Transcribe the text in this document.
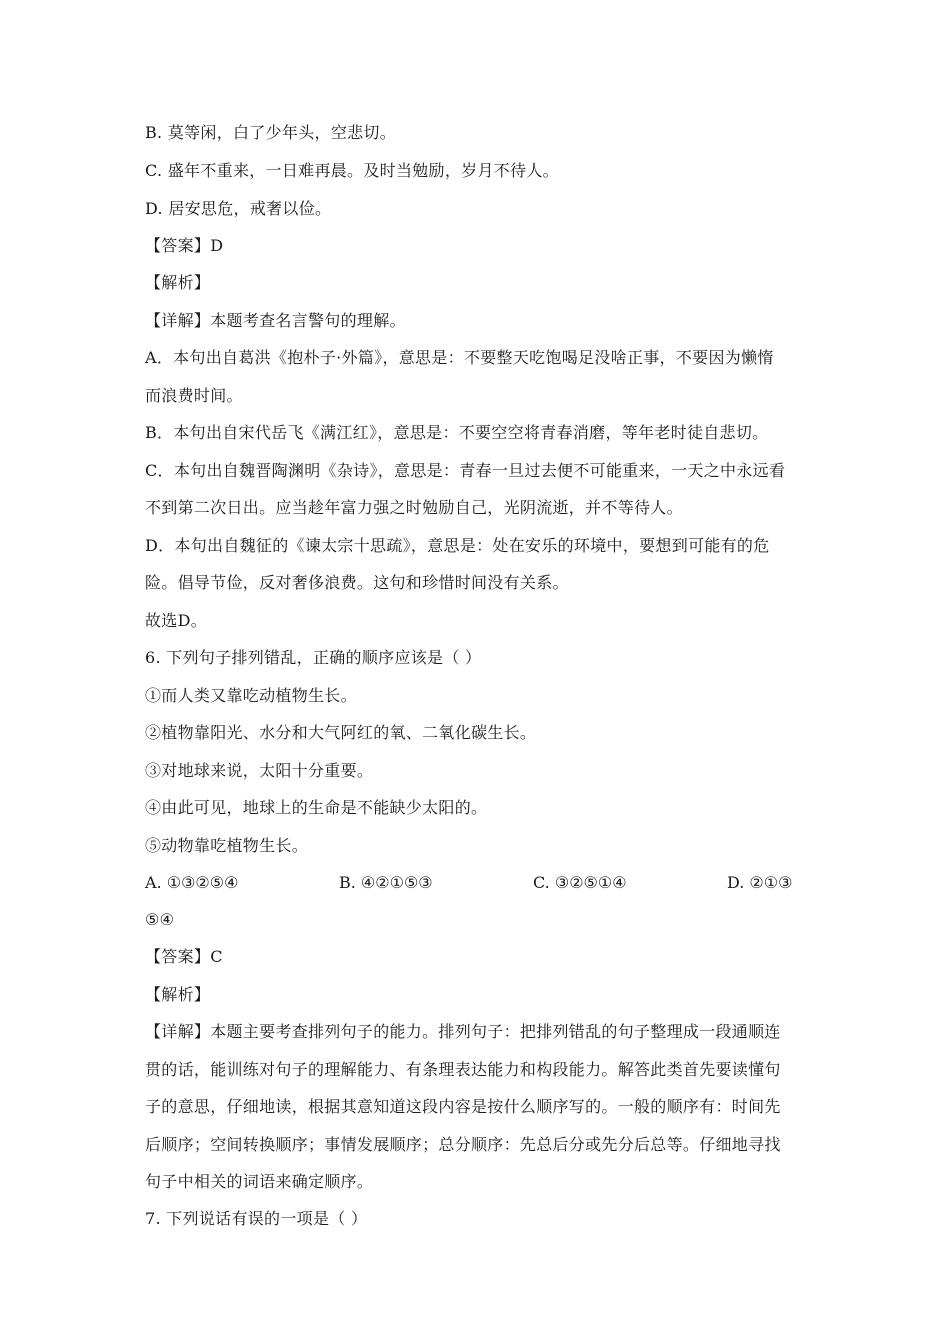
B. 莫等闲，白了少年头，空悲切。
C. 盛年不重来，一日难再晨。及时当勉励，岁月不待人。
D. 居安思危，戒奢以俭。
【答案】D
【解析】
【详解】本题考查名言警句的理解。
A．本句出自葛洪《抱朴子·外篇》，意思是：不要整天吃饱喝足没啥正事，不要因为懒惰
而浪费时间。
B．本句出自宋代岳飞《满江红》，意思是：不要空空将青春消磨，等年老时徒自悲切。
C．本句出自魏晋陶渊明《杂诗》，意思是：青春一旦过去便不可能重来，一天之中永远看
不到第二次日出。应当趁年富力强之时勉励自己，光阴流逝，并不等待人。
D．本句出自魏征的《谏太宗十思疏》，意思是：处在安乐的环境中，要想到可能有的危
险。倡导节俭，反对奢侈浪费。这句和珍惜时间没有关系。
故选D。
6. 下列句子排列错乱，正确的顺序应该是（ ）
①而人类又靠吃动植物生长。
②植物靠阳光、水分和大气阿红的氧、二氧化碳生长。
③对地球来说，太阳十分重要。
④由此可见，地球上的生命是不能缺少太阳的。
⑤动物靠吃植物生长。
A. ①③②⑤④	B. ④②①⑤③	C. ③②⑤①④	D. ②①③
⑤④
【答案】C
【解析】
【详解】本题主要考查排列句子的能力。排列句子：把排列错乱的句子整理成一段通顺连
贯的话，能训练对句子的理解能力、有条理表达能力和构段能力。解答此类首先要读懂句
子的意思，仔细地读，根据其意知道这段内容是按什么顺序写的。一般的顺序有：时间先
后顺序；空间转换顺序；事情发展顺序；总分顺序：先总后分或先分后总等。仔细地寻找
句子中相关的词语来确定顺序。
7. 下列说话有误的一项是（ ）
